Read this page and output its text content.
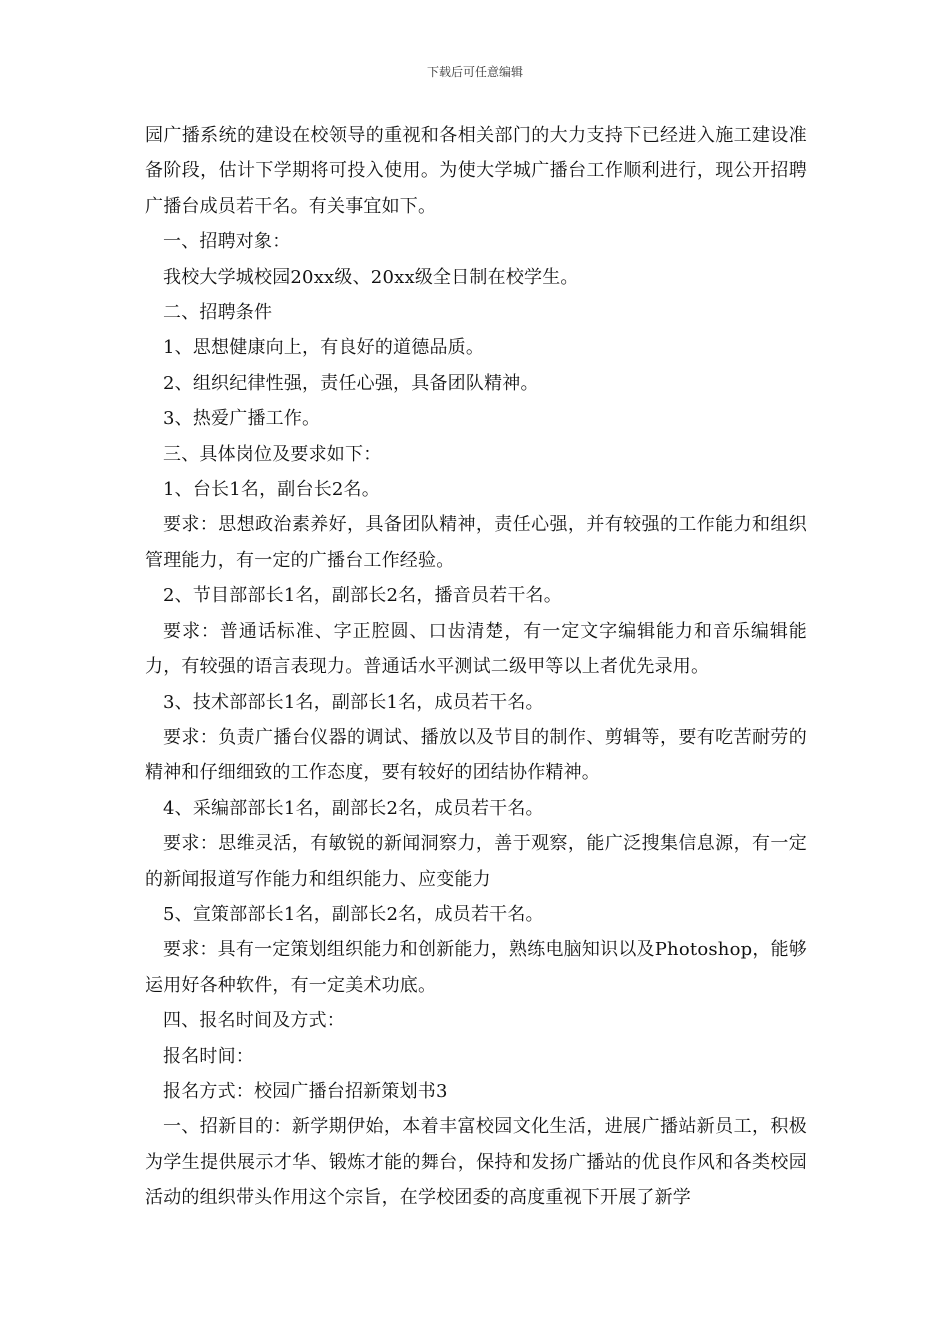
下载后可任意编辑

园广播系统的建设在校领导的重视和各相关部门的大力支持下已经进入施工建设准备阶段，估计下学期将可投入使用。为使大学城广播台工作顺利进行，现公开招聘广播台成员若干名。有关事宜如下。

一、招聘对象：

我校大学城校园20xx级、20xx级全日制在校学生。

二、招聘条件

1、思想健康向上，有良好的道德品质。

2、组织纪律性强，责任心强，具备团队精神。

3、热爱广播工作。

三、具体岗位及要求如下：

1、台长1名，副台长2名。

要求：思想政治素养好，具备团队精神，责任心强，并有较强的工作能力和组织管理能力，有一定的广播台工作经验。

2、节目部部长1名，副部长2名，播音员若干名。

要求：普通话标准、字正腔圆、口齿清楚，有一定文字编辑能力和音乐编辑能力，有较强的语言表现力。普通话水平测试二级甲等以上者优先录用。

3、技术部部长1名，副部长1名，成员若干名。

要求：负责广播台仪器的调试、播放以及节目的制作、剪辑等，要有吃苦耐劳的精神和仔细细致的工作态度，要有较好的团结协作精神。

4、采编部部长1名，副部长2名，成员若干名。

要求：思维灵活，有敏锐的新闻洞察力，善于观察，能广泛搜集信息源，有一定的新闻报道写作能力和组织能力、应变能力

5、宣策部部长1名，副部长2名，成员若干名。

要求：具有一定策划组织能力和创新能力，熟练电脑知识以及Photoshop，能够运用好各种软件，有一定美术功底。

四、报名时间及方式：

报名时间：

报名方式：校园广播台招新策划书3

一、招新目的：新学期伊始，本着丰富校园文化生活，进展广播站新员工，积极为学生提供展示才华、锻炼才能的舞台，保持和发扬广播站的优良作风和各类校园活动的组织带头作用这个宗旨，在学校团委的高度重视下开展了新学
